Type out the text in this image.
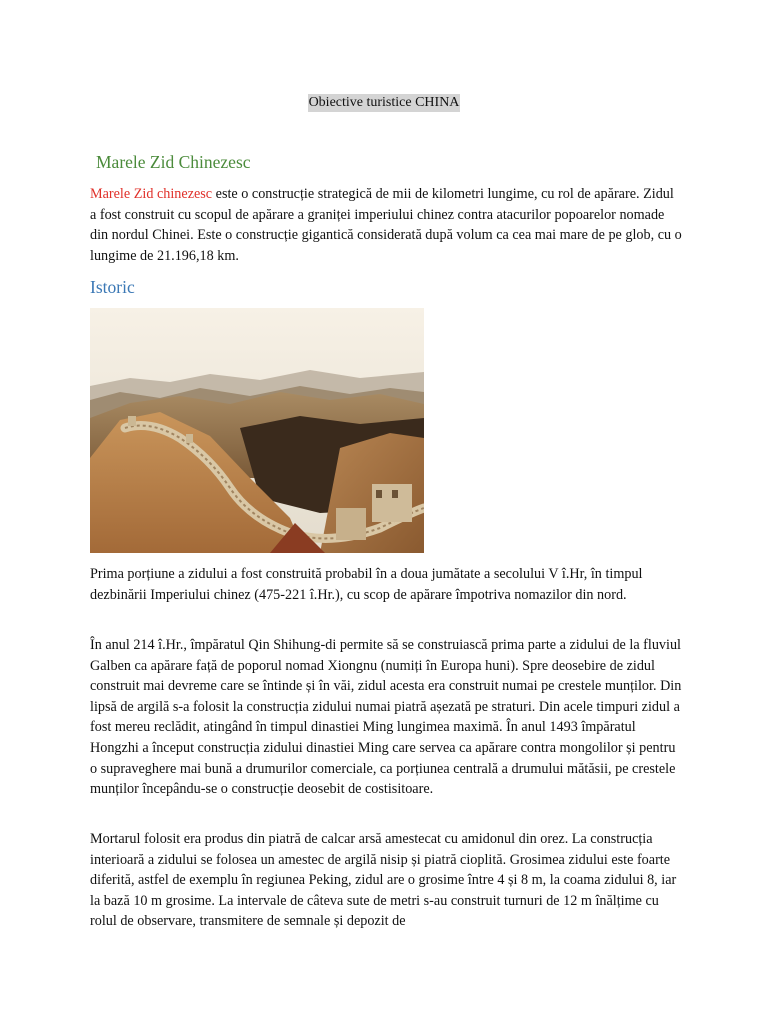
Obiective turistice CHINA
Marele Zid Chinezesc

Marele Zid chinezesc este o construcție strategică de mii de kilometri lungime, cu rol de apărare. Zidul a fost construit cu scopul de apărare a graniței imperiului chinez contra atacurilor popoarelor nomade din nordul Chinei. Este o construcție gigantică considerată după volum ca cea mai mare de pe glob, cu o lungime de 21.196,18 km.

Istoric

Prima porțiune a zidului a fost construită probabil în a doua jumătate a secolului V î.Hr, în timpul dezbinării Imperiului chinez (475-221 î.Hr.), cu scop de apărare împotriva nomazilor din nord.

În anul 214 î.Hr., împăratul Qin Shihung-di permite să se construiască prima parte a zidului de la fluviul Galben ca apărare față de poporul nomad Xiongnu (numiți în Europa huni). Spre deosebire de zidul construit mai devreme care se întinde și în văi, zidul acesta era construit numai pe crestele munților. Din lipsă de argilă s-a folosit la construcția zidului numai piatră așezată pe straturi. Din acele timpuri zidul a fost mereu reclădit, atingând în timpul dinastiei Ming lungimea maximă. În anul 1493 împăratul Hongzhi a început construcția zidului dinastiei Ming care servea ca apărare contra mongolilor și pentru o supraveghere mai bună a drumurilor comerciale, ca porțiunea centrală a drumului mătăsii, pe crestele munților începându-se o construcție deosebit de costisitoare.

Mortarul folosit era produs din piatră de calcar arsă amestecat cu amidonul din orez. La construcția interioară a zidului se folosea un amestec de argilă nisip și piatră cioplită. Grosimea zidului este foarte diferită, astfel de exemplu în regiunea Peking, zidul are o grosime între 4 și 8 m, la coama zidului 8, iar la bază 10 m grosime. La intervale de câteva sute de metri s-au construit turnuri de 12 m înălțime cu rolul de observare, transmitere de semnale și depozit de
